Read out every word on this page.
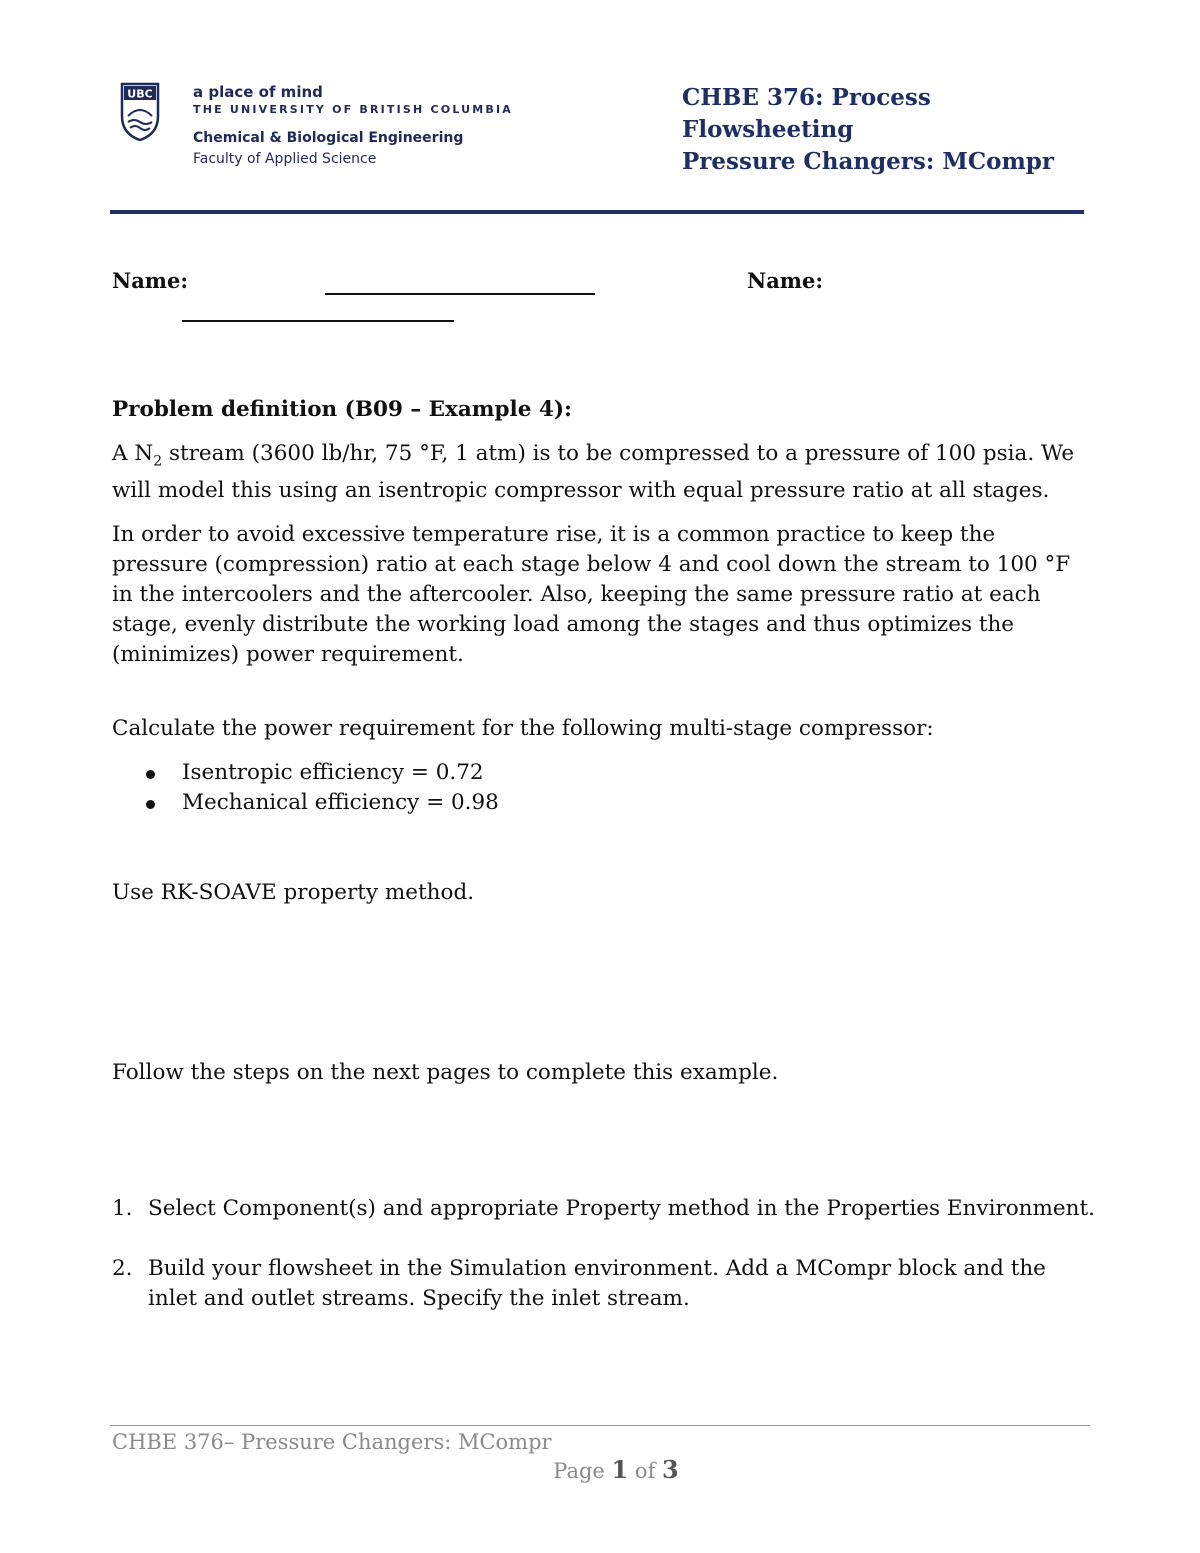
UBC	a place of mind
THE UNIVERSITY OF BRITISH COLUMBIA
Chemical & Biological Engineering
Faculty of Applied Science
CHBE 376: Process
Flowsheeting
Pressure Changers: MCompr
Name:	Name:

Problem definition (B09 – Example 4):

A $N_2$ stream (3600 lb/hr, 75 °F, 1 atm) is to be compressed to a pressure of 100 psia. We will model this using an isentropic compressor with equal pressure ratio at all stages.

In order to avoid excessive temperature rise, it is a common practice to keep the pressure (compression) ratio at each stage below 4 and cool down the stream to 100 °F in the intercoolers and the aftercooler. Also, keeping the same pressure ratio at each stage, evenly distribute the working load among the stages and thus optimizes the (minimizes) power requirement.

Calculate the power requirement for the following multi-stage compressor:

Isentropic efficiency = 0.72
Mechanical efficiency = 0.98

Use RK-SOAVE property method.

Follow the steps on the next pages to complete this example.

1. Select Component(s) and appropriate Property method in the Properties Environment.
2. Build your flowsheet in the Simulation environment. Add a MCompr block and the inlet and outlet streams. Specify the inlet stream.
CHBE 376– Pressure Changers: MCompr
Page 1 of 3
